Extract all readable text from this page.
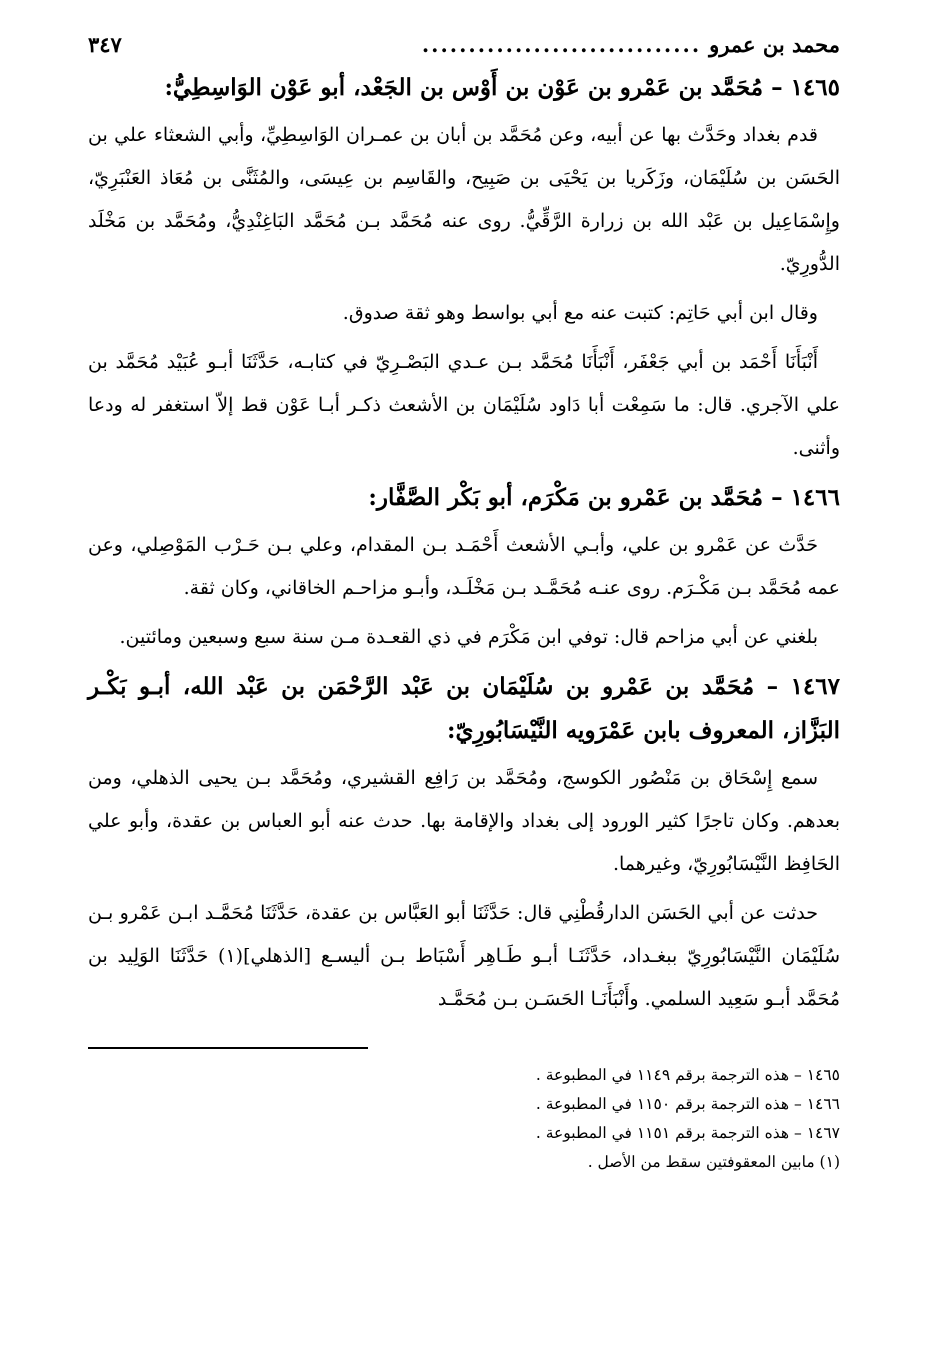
محمد بن عمرو
..............................
٣٤٧

١٤٦٥ – مُحَمَّد بن عَمْرو بن عَوْن بن أَوْس بن الجَعْد، أبو عَوْن الوَاسِطِيُّ:

قدم بغداد وحَدَّث بها عن أبيه، وعن مُحَمَّد بن أبان بن عمـران الوَاسِطِيِّ، وأبي الشعثاء علي بن الحَسَن بن سُلَيْمَان، وزَكَريا بن يَحْيَى بن صَبِيح، والقَاسِم بن عِيسَى، والمُثَنَّى بن مُعَاذ العَنْبَرِيّ، وإِسْمَاعِيل بن عَبْد الله بن زرارة الرَّقِّيُّ. روى عنه مُحَمَّد بـن مُحَمَّد البَاغِنْدِيُّ، ومُحَمَّد بن مَخْلَد الدُّورِيّ.

وقال ابن أبي حَاتِم: كتبت عنه مع أبي بواسط وهو ثقة صدوق.

أَنْبَأَنَا أَحْمَد بن أبي جَعْفَر، أَنْبَأَنَا مُحَمَّد بـن عـدي البَصْـرِيّ في كتابـه، حَدَّثَنَا أبـو عُبَيْد مُحَمَّد بن علي الآجري. قال: ما سَمِعْت أبا دَاود سُلَيْمَان بن الأشعث ذكـر أبـا عَوْن قط إلاّ استغفر له ودعا وأثنى.

١٤٦٦ – مُحَمَّد بن عَمْرو بن مَكْرَم، أبو بَكْر الصَّفَّار:

حَدَّث عن عَمْرو بن علي، وأبـي الأشعث أَحْمَـد بـن المقدام، وعلي بـن حَـرْب المَوْصِلي، وعن عمه مُحَمَّد بـن مَكْـرَم. روى عنـه مُحَمَّـد بـن مَخْلَـد، وأبـو مزاحـم الخاقاني، وكان ثقة.

بلغني عن أبي مزاحم قال: توفي ابن مَكْرَم في ذي القعـدة مـن سنة سبع وسبعين ومائتين.

١٤٦٧ – مُحَمَّد بن عَمْرو بن سُلَيْمَان بن عَبْد الرَّحْمَن بن عَبْد الله، أبـو بَكْـر البَزَّاز، المعروف بابن عَمْرَويه النَّيْسَابُورِيّ:

سمع إِسْحَاق بن مَنْصُور الكوسج، ومُحَمَّد بن رَافِع القشيري، ومُحَمَّد بـن يحيى الذهلي، ومن بعدهم. وكان تاجرًا كثير الورود إلى بغداد والإقامة بها. حدث عنه أبو العباس بن عقدة، وأبو علي الحَافِظ النَّيْسَابُورِيّ، وغيرهما.

حدثت عن أبي الحَسَن الدارقُطْنِي قال: حَدَّثَنَا أبو العَبَّاس بن عقدة، حَدَّثَنَا مُحَمَّـد ابـن عَمْرو بـن سُلَيْمَان النَّيْسَابُورِيّ ببغـداد، حَدَّثَنَـا أبـو طَـاهِر أَسْبَاط بـن أليسـع [الذهلي](١) حَدَّثَنَا الوَلِيد بن مُحَمَّد أبـو سَعِيد السلمي. وأَنْبَأَنَـا الحَسَـن بـن مُحَمَّـد

١٤٦٥ – هذه الترجمة برقم ١١٤٩ في المطبوعة .
١٤٦٦ – هذه الترجمة برقم ١١٥٠ في المطبوعة .
١٤٦٧ – هذه الترجمة برقم ١١٥١ في المطبوعة .
(١) مابين المعقوفتين سقط من الأصل .
